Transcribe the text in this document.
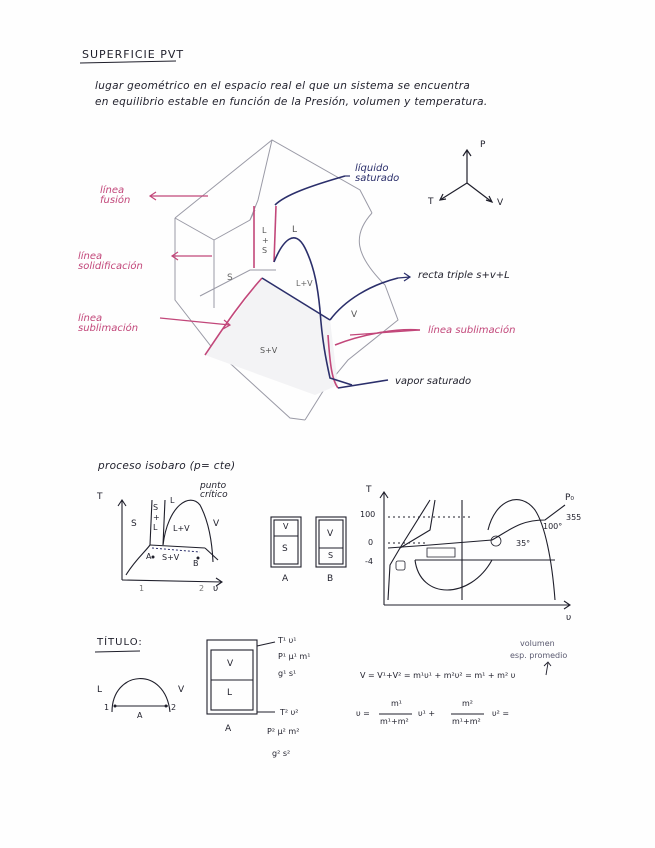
SUPERFICIE PVT
lugar geométrico en el espacio real el que un sistema se encuentra
en equilibrio estable en función de la Presión, volumen y temperatura.
línea fusión
línea solidificación
línea sublimación
líquido saturado
recta triple s+v+L
línea sublimación
vapor saturado
S
L
L+V
V
S+V
L
+
S
P
T	V
proceso isobaro (p= cte)
punto crítico
T
υ
S
S
+
L
L
L+V	V
S+V
A
B
1	2
V
S
V
S
A	B
T
υ
100
0
-4
P₀
355
100°
35°
TÍTULO:
L	V
1	2
A
V
L
A
T¹ υ¹
P¹ μ¹ m¹
g¹ s¹
T² υ²
P² μ² m²
g² s²
volumen
esp. promedio
V = V¹+V² = m¹υ¹ + m²υ² = m¹ + m² υ
υ =
m¹
m¹+m²
υ¹ +
m²
m¹+m²
υ² =
